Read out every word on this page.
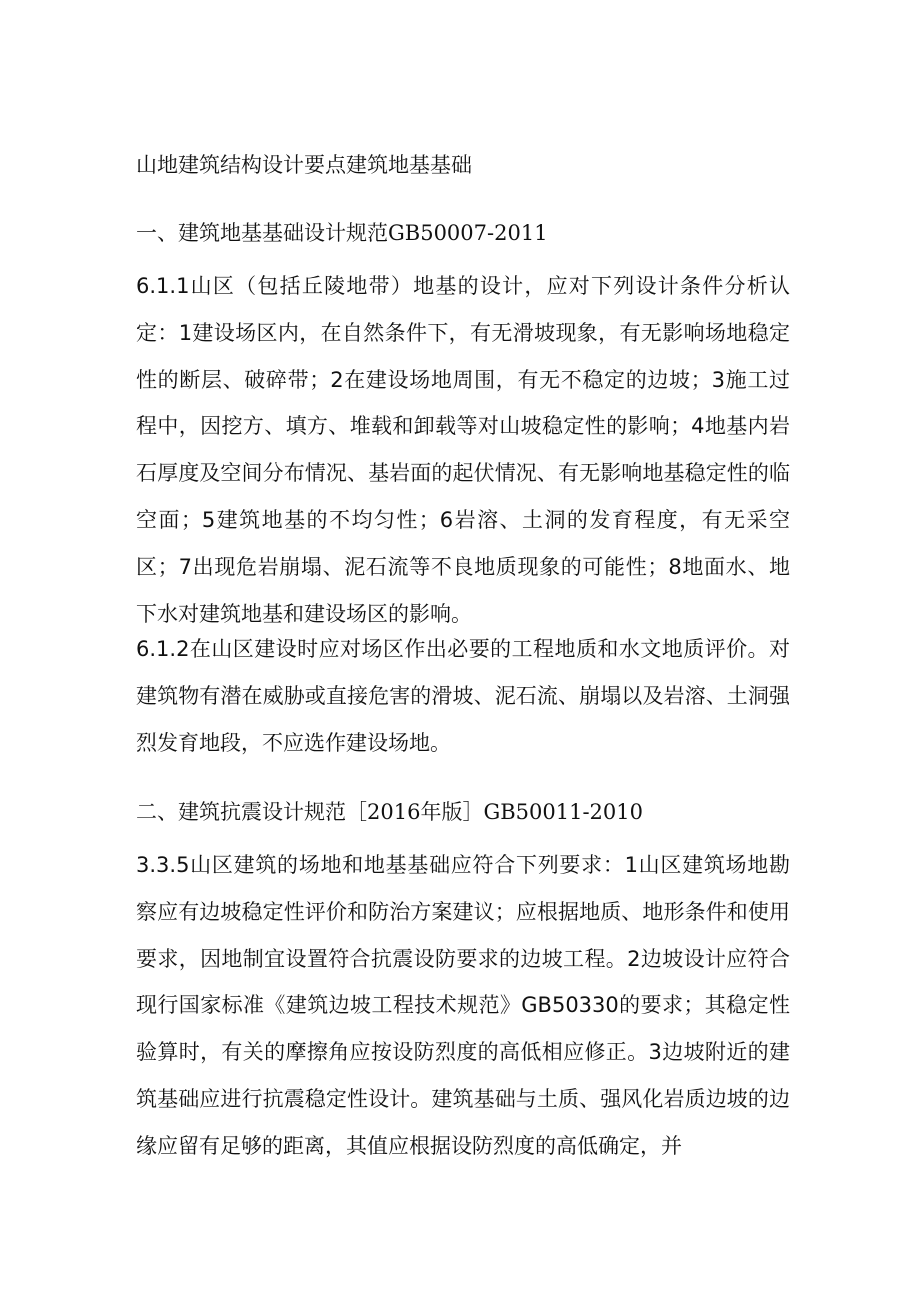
山地建筑结构设计要点建筑地基基础
一、建筑地基基础设计规范GB50007-2011

6.1.1山区（包括丘陵地带）地基的设计，应对下列设计条件分析认定：1建设场区内，在自然条件下，有无滑坡现象，有无影响场地稳定性的断层、破碎带；2在建设场地周围，有无不稳定的边坡；3施工过程中，因挖方、填方、堆载和卸载等对山坡稳定性的影响；4地基内岩石厚度及空间分布情况、基岩面的起伏情况、有无影响地基稳定性的临空面；5建筑地基的不均匀性；6岩溶、土洞的发育程度，有无采空区；7出现危岩崩塌、泥石流等不良地质现象的可能性；8地面水、地下水对建筑地基和建设场区的影响。

6.1.2在山区建设时应对场区作出必要的工程地质和水文地质评价。对建筑物有潜在威胁或直接危害的滑坡、泥石流、崩塌以及岩溶、土洞强烈发育地段，不应选作建设场地。

二、建筑抗震设计规范［2016年版］GB50011-2010

3.3.5山区建筑的场地和地基基础应符合下列要求：1山区建筑场地勘察应有边坡稳定性评价和防治方案建议；应根据地质、地形条件和使用要求，因地制宜设置符合抗震设防要求的边坡工程。2边坡设计应符合现行国家标准《建筑边坡工程技术规范》GB50330的要求；其稳定性验算时，有关的摩擦角应按设防烈度的高低相应修正。3边坡附近的建筑基础应进行抗震稳定性设计。建筑基础与土质、强风化岩质边坡的边缘应留有足够的距离，其值应根据设防烈度的高低确定，并
